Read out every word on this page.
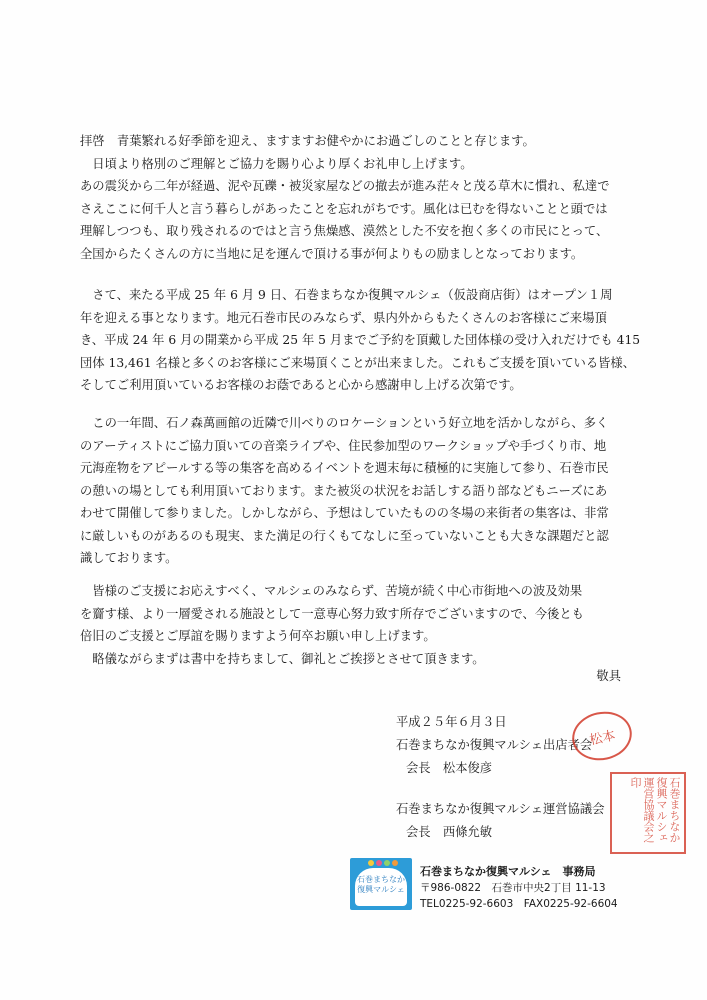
拝啓　青葉繁れる好季節を迎え、ますますお健やかにお過ごしのことと存じます。
　日頃より格別のご理解とご協力を賜り心より厚くお礼申し上げます。
あの震災から二年が経過、泥や瓦礫・被災家屋などの撤去が進み茫々と茂る草木に慣れ、私達で
さえここに何千人と言う暮らしがあったことを忘れがちです。風化は已むを得ないことと頭では
理解しつつも、取り残されるのではと言う焦燥感、漠然とした不安を抱く多くの市民にとって、
全国からたくさんの方に当地に足を運んで頂ける事が何よりもの励ましとなっております。

　さて、来たる平成 25 年 6 月 9 日、石巻まちなか復興マルシェ（仮設商店街）はオープン１周
年を迎える事となります。地元石巻市民のみならず、県内外からもたくさんのお客様にご来場頂
き、平成 24 年 6 月の開業から平成 25 年 5 月までご予約を頂戴した団体様の受け入れだけでも 415
団体 13,461 名様と多くのお客様にご来場頂くことが出来ました。これもご支援を頂いている皆様、
そしてご利用頂いているお客様のお蔭であると心から感謝申し上げる次第です。

　この一年間、石ノ森萬画館の近隣で川べりのロケーションという好立地を活かしながら、多く
のアーティストにご協力頂いての音楽ライブや、住民参加型のワークショップや手づくり市、地
元海産物をアピールする等の集客を高めるイベントを週末毎に積極的に実施して参り、石巻市民
の憩いの場としても利用頂いております。また被災の状況をお話しする語り部などもニーズにあ
わせて開催して参りました。しかしながら、予想はしていたものの冬場の来街者の集客は、非常
に厳しいものがあるのも現実、また満足の行くもてなしに至っていないことも大きな課題だと認
識しております。

　皆様のご支援にお応えすべく、マルシェのみならず、苦境が続く中心市街地への波及効果
を齎す様、より一層愛される施設として一意専心努力致す所存でございますので、今後とも
倍旧のご支援とご厚誼を賜りますよう何卒お願い申し上げます。
　略儀ながらまずは書中を持ちまして、御礼とご挨拶とさせて頂きます。

敬具
平成２５年６月３日
石巻まちなか復興マルシェ出店者会
会長　松本俊彦
松本
石巻まちなか復興マルシェ運営協議会
会長　西條允敏	石巻まちなか復興マルシェ運営協議会之印
石巻まちなか復興マルシェ
石巻まちなか復興マルシェ　事務局
〒986-0822　石巻市中央2丁目 11-13
TEL0225-92-6603　FAX0225-92-6604
